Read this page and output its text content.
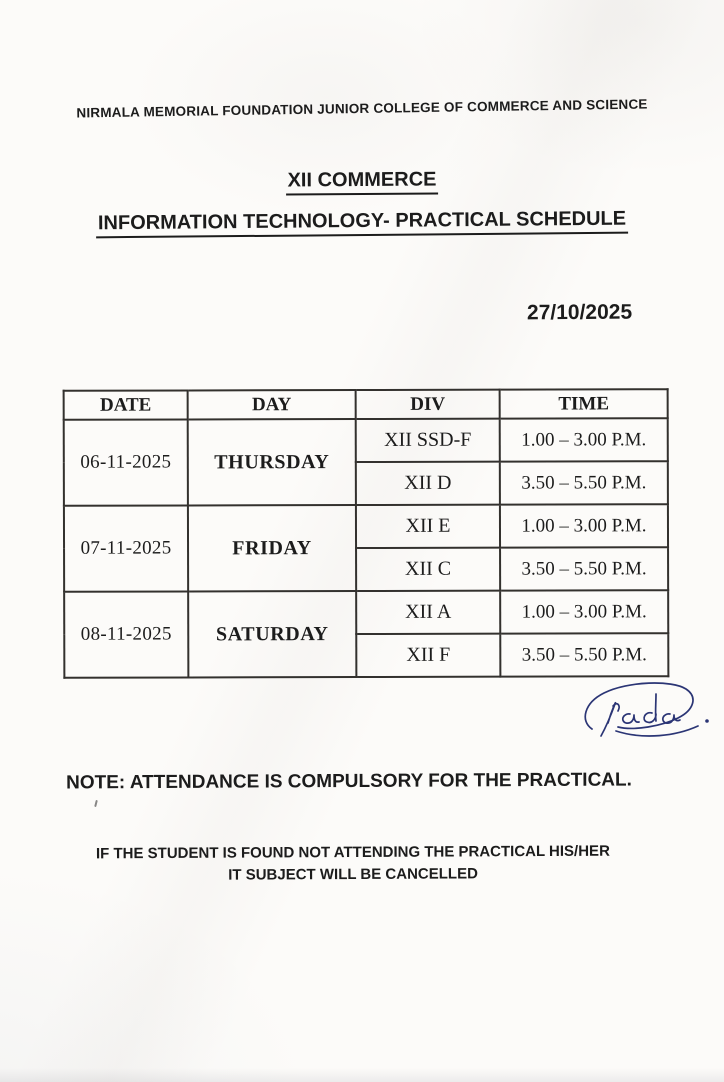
NIRMALA MEMORIAL FOUNDATION JUNIOR COLLEGE OF COMMERCE AND SCIENCE
XII COMMERCE
INFORMATION TECHNOLOGY- PRACTICAL SCHEDULE
27/10/2025
DATE	DAY	DIV	TIME
06-11-2025	THURSDAY	XII SSD-F	1.00 – 3.00 P.M.
		XII D	3.50 – 5.50 P.M.
07-11-2025	FRIDAY	XII E	1.00 – 3.00 P.M.
		XII C	3.50 – 5.50 P.M.
08-11-2025	SATURDAY	XII A	1.00 – 3.00 P.M.
		XII F	3.50 – 5.50 P.M.
NOTE: ATTENDANCE IS COMPULSORY FOR THE PRACTICAL.
IF THE STUDENT IS FOUND NOT ATTENDING THE PRACTICAL HIS/HER
IT SUBJECT WILL BE CANCELLED
